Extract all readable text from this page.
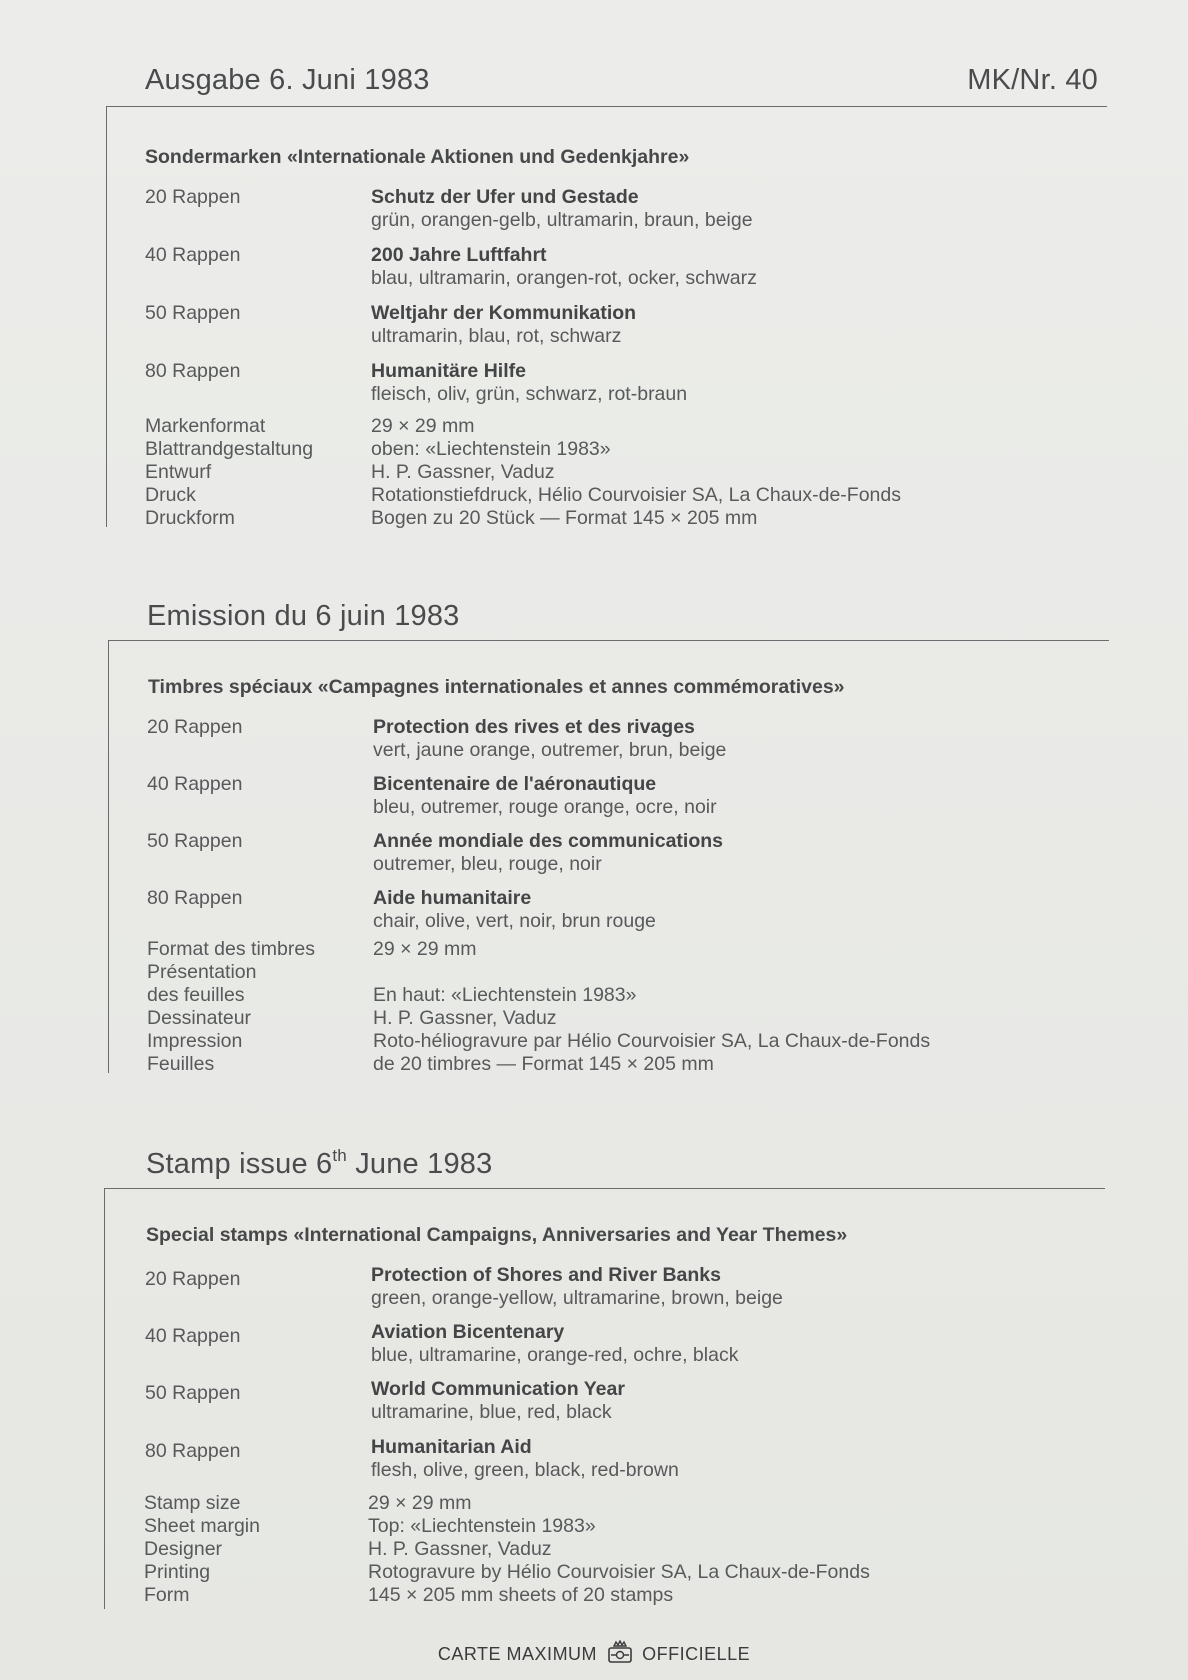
Ausgabe 6. Juni 1983	MK/Nr. 40
Sondermarken «Internationale Aktionen und Gedenkjahre»
20 Rappen	Schutz der Ufer und Gestade
grün, orangen-gelb, ultramarin, braun, beige
40 Rappen	200 Jahre Luftfahrt
blau, ultramarin, orangen-rot, ocker, schwarz
50 Rappen	Weltjahr der Kommunikation
ultramarin, blau, rot, schwarz
80 Rappen	Humanitäre Hilfe
fleisch, oliv, grün, schwarz, rot-braun
Markenformat	29 × 29 mm
Blattrandgestaltung	oben: «Liechtenstein 1983»
Entwurf	H. P. Gassner, Vaduz
Druck	Rotationstiefdruck, Hélio Courvoisier SA, La Chaux-de-Fonds
Druckform	Bogen zu 20 Stück — Format 145 × 205 mm
Emission du 6 juin 1983
Timbres spéciaux «Campagnes internationales et annes commémoratives»
20 Rappen	Protection des rives et des rivages
vert, jaune orange, outremer, brun, beige
40 Rappen	Bicentenaire de l'aéronautique
bleu, outremer, rouge orange, ocre, noir
50 Rappen	Année mondiale des communications
outremer, bleu, rouge, noir
80 Rappen	Aide humanitaire
chair, olive, vert, noir, brun rouge
Format des timbres	29 × 29 mm
Présentation
des feuilles	En haut: «Liechtenstein 1983»
Dessinateur	H. P. Gassner, Vaduz
Impression	Roto-héliogravure par Hélio Courvoisier SA, La Chaux-de-Fonds
Feuilles	de 20 timbres — Format 145 × 205 mm
Stamp issue 6th June 1983
Special stamps «International Campaigns, Anniversaries and Year Themes»
20 Rappen	Protection of Shores and River Banks
green, orange-yellow, ultramarine, brown, beige
40 Rappen	Aviation Bicentenary
blue, ultramarine, orange-red, ochre, black
50 Rappen	World Communication Year
ultramarine, blue, red, black
80 Rappen	Humanitarian Aid
flesh, olive, green, black, red-brown
Stamp size	29 × 29 mm
Sheet margin	Top: «Liechtenstein 1983»
Designer	H. P. Gassner, Vaduz
Printing	Rotogravure by Hélio Courvoisier SA, La Chaux-de-Fonds
Form	145 × 205 mm sheets of 20 stamps
CARTE MAXIMUM	OFFICIELLE
